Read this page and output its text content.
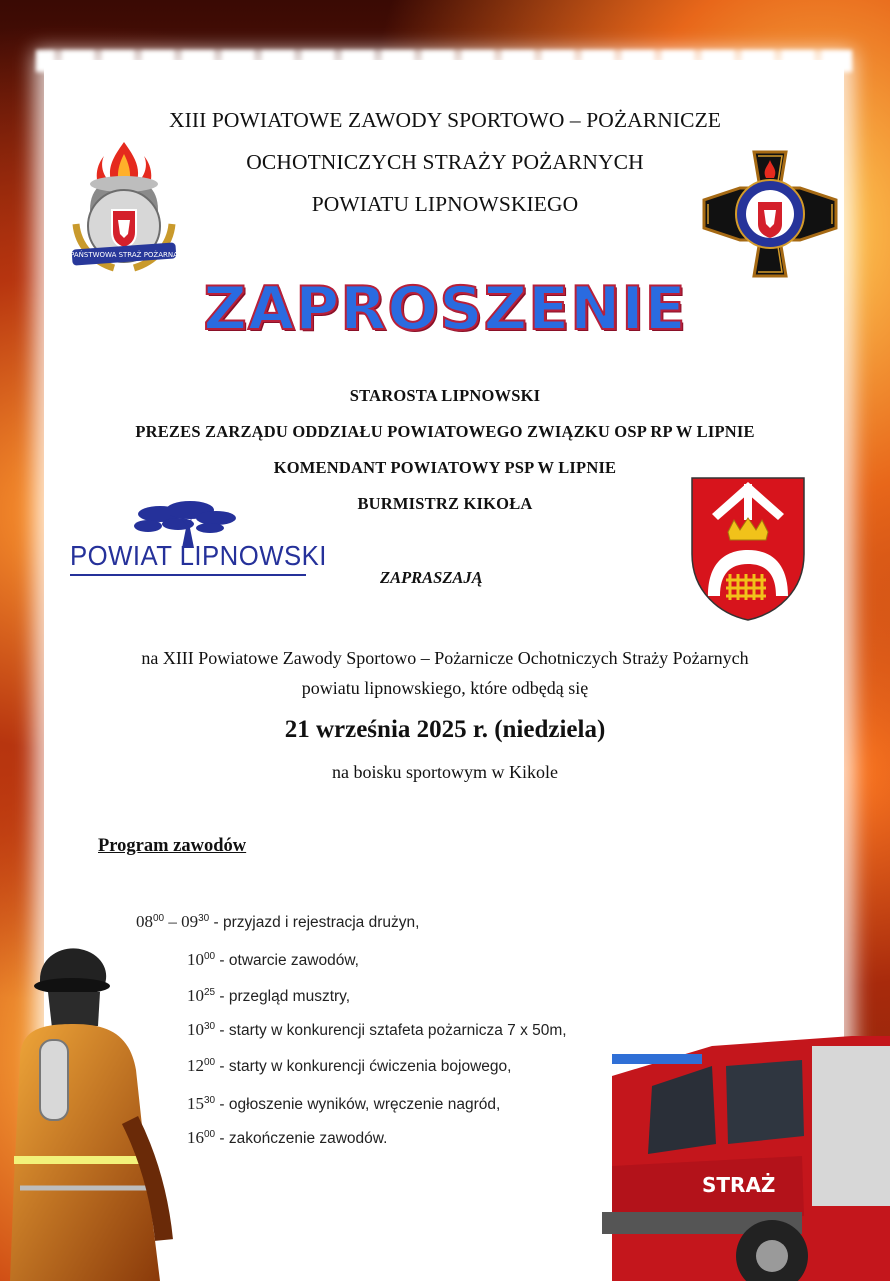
XIII POWIATOWE ZAWODY SPORTOWO – POŻARNICZE
OCHOTNICZYCH STRAŻY POŻARNYCH
POWIATU LIPNOWSKIEGO
PAŃSTWOWA STRAŻ POŻARNA
ZAPROSZENIE
STAROSTA LIPNOWSKI
PREZES ZARZĄDU ODDZIAŁU POWIATOWEGO ZWIĄZKU OSP RP W LIPNIE
KOMENDANT POWIATOWY PSP W LIPNIE
BURMISTRZ KIKOŁA
POWIAT LIPNOWSKI
ZAPRASZAJĄ
na XIII Powiatowe Zawody Sportowo – Pożarnicze Ochotniczych Straży Pożarnych
powiatu lipnowskiego, które odbędą się
21 września 2025 r. (niedziela)
na boisku sportowym w Kikole
Program zawodów
$08^{00} - 09^{30}$ - przyjazd i rejestracja drużyn,
$10^{00}$ - otwarcie zawodów,
$10^{25}$ - przegląd musztry,
$10^{30}$ - starty w konkurencji sztafeta pożarnicza 7 x 50m,
$12^{00}$ - starty w konkurencji ćwiczenia bojowego,
$15^{30}$ - ogłoszenie wyników, wręczenie nagród,
$16^{00}$ - zakończenie zawodów.
STRAŻ
